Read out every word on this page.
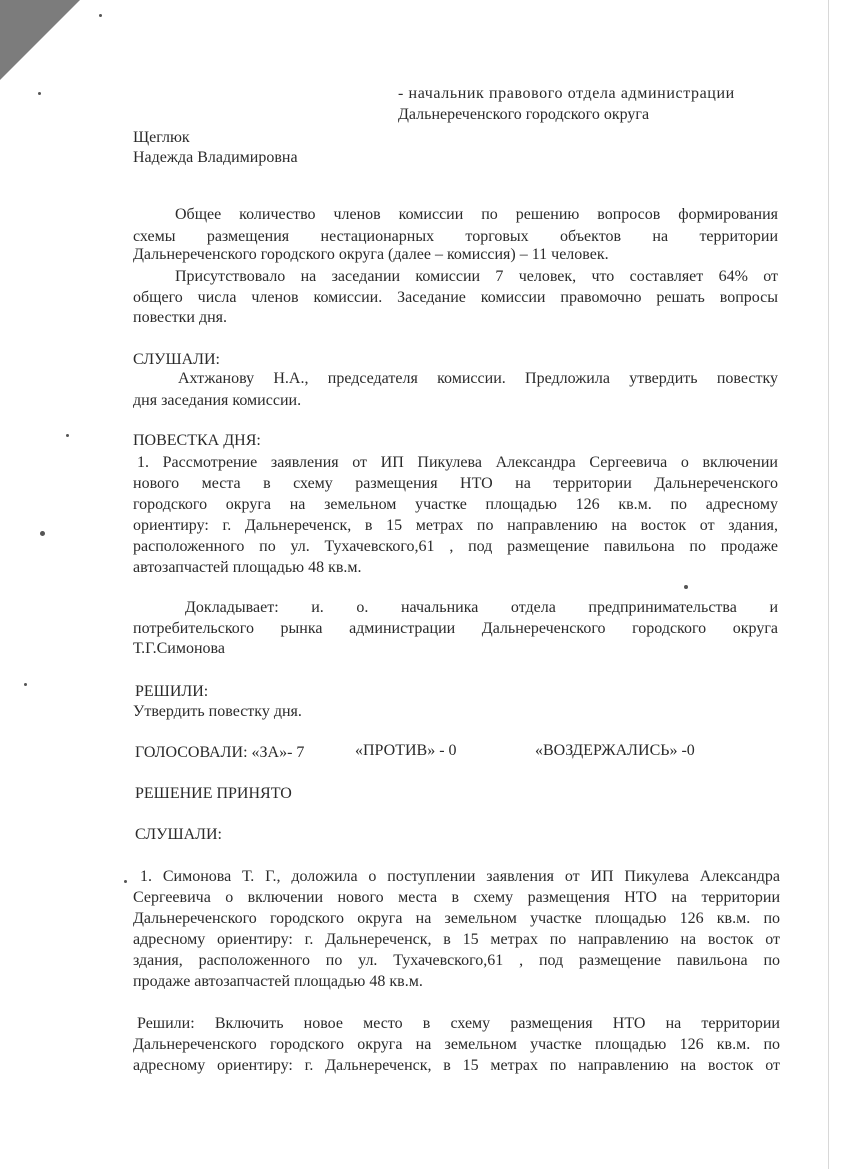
- начальник правового отдела администрации
Дальнереченского городского округа
Щеглюк
Надежда Владимировна
Общее количество членов комиссии по решению вопросов формирования
схемы размещения нестационарных торговых объектов на территории
Дальнереченского городского округа (далее – комиссия) – 11 человек.
Присутствовало на заседании комиссии 7 человек, что составляет 64% от
общего числа членов комиссии. Заседание комиссии правомочно решать вопросы
повестки дня.
СЛУШАЛИ:
Ахтжанову Н.А., председателя комиссии. Предложила утвердить повестку
дня заседания комиссии.
ПОВЕСТКА ДНЯ:
1. Рассмотрение заявления от ИП Пикулева Александра Сергеевича о включении
нового места в схему размещения НТО на территории Дальнереченского
городского округа на земельном участке площадью 126 кв.м. по адресному
ориентиру: г. Дальнереченск, в 15 метрах по направлению на восток от здания,
расположенного по ул. Тухачевского,61 , под размещение павильона по продаже
автозапчастей площадью 48 кв.м.
Докладывает: и. о. начальника отдела предпринимательства и
потребительского рынка администрации Дальнереченского городского округа
Т.Г.Симонова
РЕШИЛИ:
Утвердить повестку дня.
ГОЛОСОВАЛИ: «ЗА»- 7	«ПРОТИВ» - 0	«ВОЗДЕРЖАЛИСЬ» -0
РЕШЕНИЕ ПРИНЯТО
СЛУШАЛИ:
1. Симонова Т. Г., доложила о поступлении заявления от ИП Пикулева Александра
Сергеевича о включении нового места в схему размещения НТО на территории
Дальнереченского городского округа на земельном участке площадью 126 кв.м. по
адресному ориентиру: г. Дальнереченск, в 15 метрах по направлению на восток от
здания, расположенного по ул. Тухачевского,61 , под размещение павильона по
продаже автозапчастей площадью 48 кв.м.
Решили: Включить новое место в схему размещения НТО на территории
Дальнереченского городского округа на земельном участке площадью 126 кв.м. по
адресному ориентиру: г. Дальнереченск, в 15 метрах по направлению на восток от
